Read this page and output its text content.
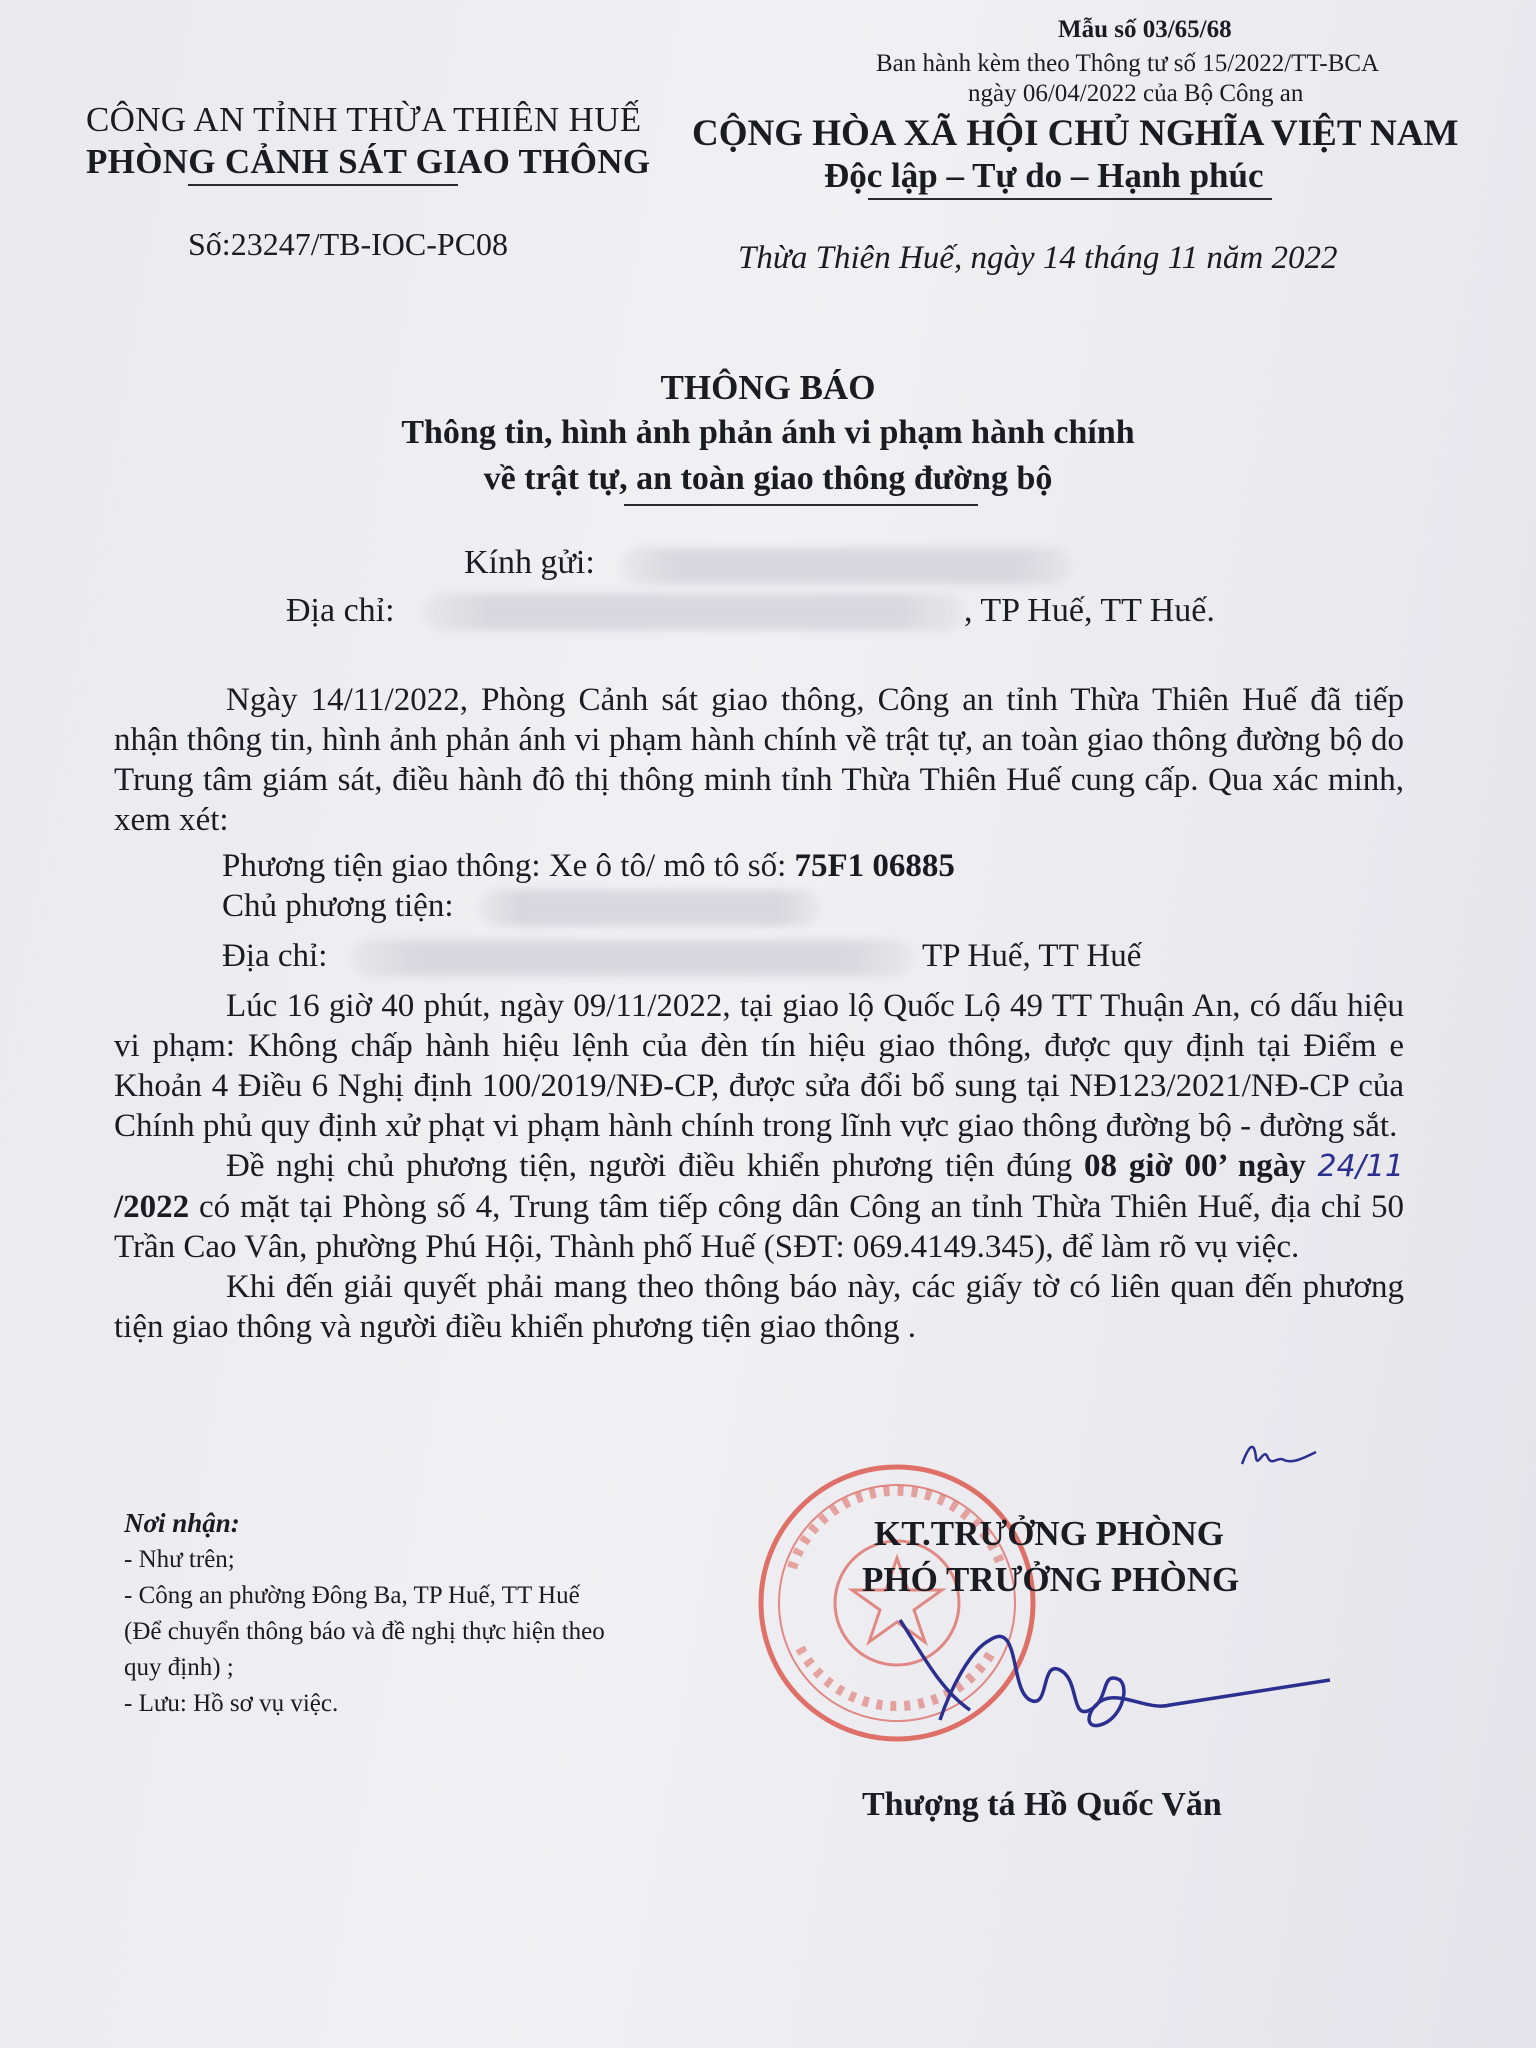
Mẫu số 03/65/68
Ban hành kèm theo Thông tư số 15/2022/TT-BCA
ngày 06/04/2022 của Bộ Công an
CÔNG AN TỈNH THỪA THIÊN HUẾ
PHÒNG CẢNH SÁT GIAO THÔNG
CỘNG HÒA XÃ HỘI CHỦ NGHĨA VIỆT NAM
Độc lập – Tự do – Hạnh phúc
Số:23247/TB-IOC-PC08	Thừa Thiên Huế, ngày 14 tháng 11 năm 2022
THÔNG BÁO
Thông tin, hình ảnh phản ánh vi phạm hành chính
về trật tự, an toàn giao thông đường bộ
Kính gửi:
Địa chỉ:	, TP Huế, TT Huế.

Ngày 14/11/2022, Phòng Cảnh sát giao thông, Công an tỉnh Thừa Thiên Huế đã tiếp nhận thông tin, hình ảnh phản ánh vi phạm hành chính về trật tự, an toàn giao thông đường bộ do Trung tâm giám sát, điều hành đô thị thông minh tỉnh Thừa Thiên Huế cung cấp. Qua xác minh, xem xét:

Phương tiện giao thông: Xe ô tô/ mô tô số: 75F1 06885
Chủ phương tiện:
Địa chỉ:	TP Huế, TT Huế

Lúc 16 giờ 40 phút, ngày 09/11/2022, tại giao lộ Quốc Lộ 49 TT Thuận An, có dấu hiệu vi phạm: Không chấp hành hiệu lệnh của đèn tín hiệu giao thông, được quy định tại Điểm e Khoản 4 Điều 6 Nghị định 100/2019/NĐ-CP, được sửa đổi bổ sung tại NĐ123/2021/NĐ-CP của Chính phủ quy định xử phạt vi phạm hành chính trong lĩnh vực giao thông đường bộ - đường sắt.

Đề nghị chủ phương tiện, người điều khiển phương tiện đúng 08 giờ 00’ ngày 24/11 /2022 có mặt tại Phòng số 4, Trung tâm tiếp công dân Công an tỉnh Thừa Thiên Huế, địa chỉ 50 Trần Cao Vân, phường Phú Hội, Thành phố Huế (SĐT: 069.4149.345), để làm rõ vụ việc.

Khi đến giải quyết phải mang theo thông báo này, các giấy tờ có liên quan đến phương tiện giao thông và người điều khiển phương tiện giao thông .

Nơi nhận:
- Như trên;
- Công an phường Đông Ba, TP Huế, TT Huế
(Để chuyển thông báo và đề nghị thực hiện theo
quy định) ;
- Lưu: Hồ sơ vụ việc.
KT.TRƯỞNG PHÒNG
PHÓ TRƯỞNG PHÒNG
Thượng tá Hồ Quốc Văn
